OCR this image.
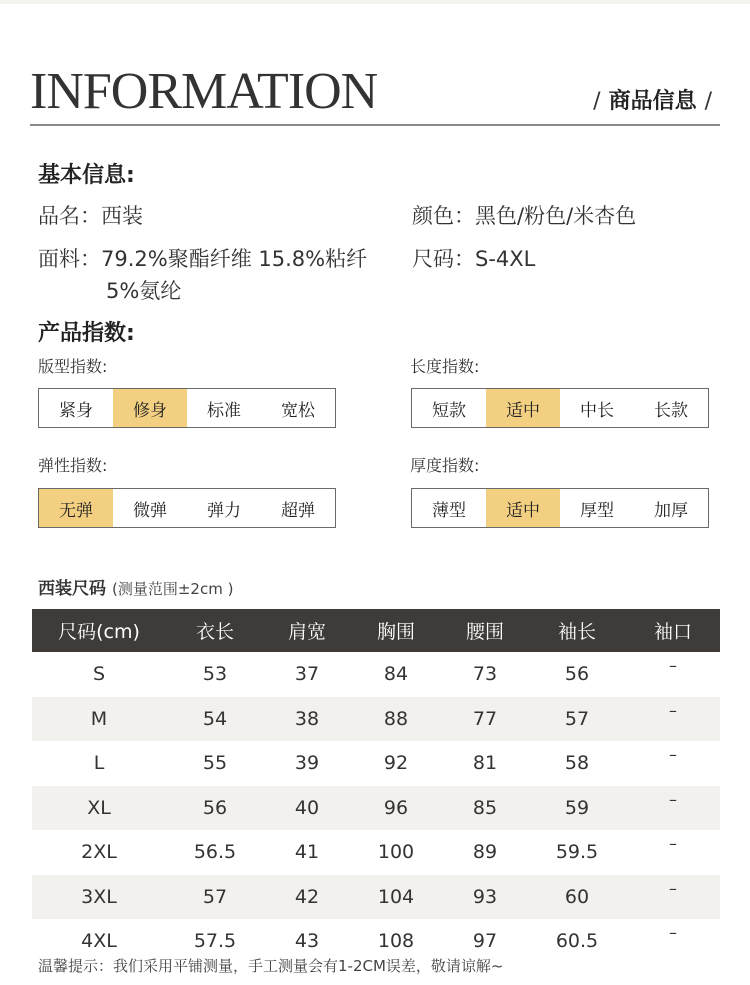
INFORMATION	/ 商品信息 /
基本信息:
品名：西装	颜色：黑色/粉色/米杏色
面料：79.2%聚酯纤维 15.8%粘纤
5%氨纶
尺码：S-4XL
产品指数:
版型指数:
紧身	修身	标准	宽松
长度指数:
短款	适中	中长	长款
弹性指数:
无弹	微弹	弹力	超弹
厚度指数:
薄型	适中	厚型	加厚
西装尺码 (测量范围±2cm )
尺码(cm)	衣长	肩宽	胸围	腰围	袖长	袖口
S	53	37	84	73	56	–
M	54	38	88	77	57	–
L	55	39	92	81	58	–
XL	56	40	96	85	59	–
2XL	56.5	41	100	89	59.5	–
3XL	57	42	104	93	60	–
4XL	57.5	43	108	97	60.5	–
温馨提示：我们采用平铺测量，手工测量会有1-2CM误差，敬请谅解~
